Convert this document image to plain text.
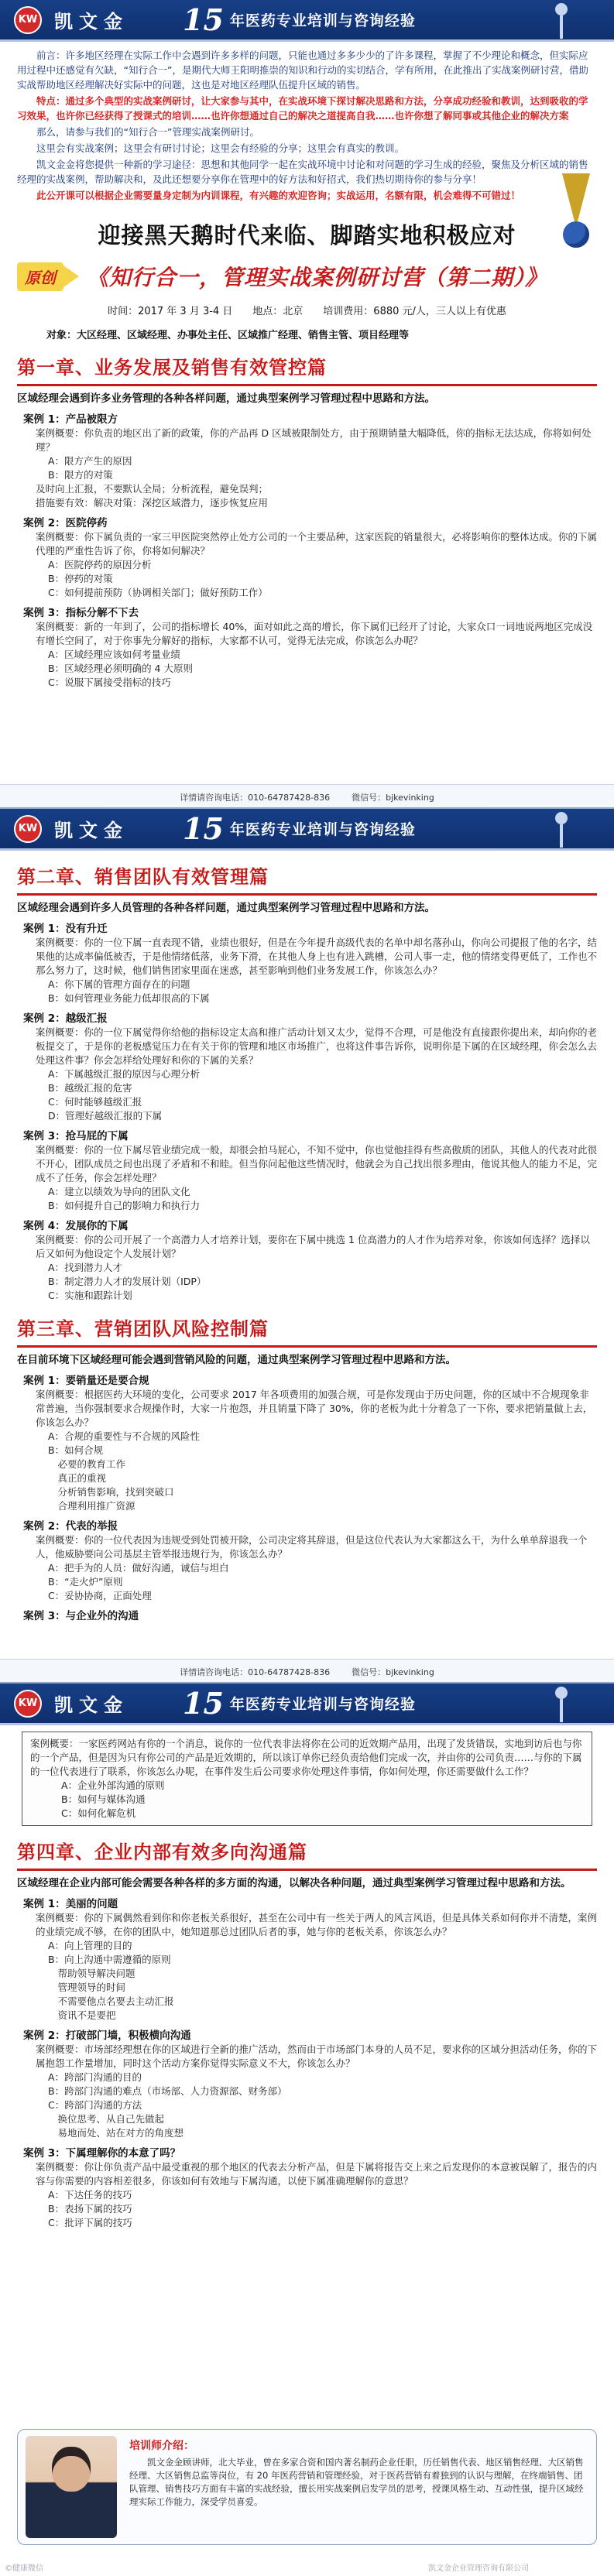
KW 凯文金 15 年医药专业培训与咨询经验

前言：许多地区经理在实际工作中会遇到许多多样的问题，只能也通过多多少少的了许多课程，掌握了不少理论和概念，但实际应用过程中还感觉有欠缺，“知行合一”，是期代大师王阳明推崇的知识和行动的实切结合，学有所用，在此推出了实战案例研讨营，借助实战帮助地区经理解决好实际中的问题，这也是对地区经理队伍提升区域的销售。

特点：通过多个典型的实战案例研讨，让大家参与其中，在实战环境下探讨解决思路和方法，分享成功经验和教训，达到吸收的学习效果，也许你已经获得了授课式的培训……也许你想通过自己的解决之道提高自我……也许你想了解同事或其他企业的解决方案

那么，请参与我们的“知行合一”管理实战案例研讨。

这里会有实战案例；这里会有研讨讨论；这里会有经验的分享；这里会有真实的教训。

凯文金金将您提供一种新的学习途径：思想和其他同学一起在实战环境中讨论和对问题的学习生成的经验，聚焦及分析区域的销售经理的实战案例，帮助解决和，及此还想要分享你在管理中的好方法和好招式，我们热切期待你的参与分享！

此公开课可以根据企业需要量身定制为内训课程，有兴趣的欢迎咨询；实战运用，名额有限，机会难得不可错过！

迎接黑天鹅时代来临、脚踏实地积极应对
原创	《知行合一，管理实战案例研讨营（第二期）》
时间：2017 年 3 月 3-4 日　　地点：北京　　培训费用：6880 元/人，三人以上有优惠
对象：大区经理、区域经理、办事处主任、区域推广经理、销售主管、项目经理等
第一章、业务发展及销售有效管控篇
区域经理会遇到许多业务管理的各种各样问题，通过典型案例学习管理过程中思路和方法。
案例 1：产品被限方
案例概要：你负责的地区出了新的政策，你的产品再 D 区域被限制处方，由于预期销量大幅降低，你的指标无法达成，你将如何处理？
A：限方产生的原因
B：限方的对策
及时向上汇报，不要默认全局；分析流程，避免误判；
措施要有效：解决对策：深挖区域潜力，逐步恢复应用
案例 2：医院停药
案例概要：你下属负责的一家三甲医院突然停止处方公司的一个主要品种，这家医院的销量很大，必将影响你的整体达成。你的下属代理的严重性告诉了你，你将如何解决？
A：医院停药的原因分析
B：停药的对策
C：如何提前预防（协调相关部门；做好预防工作）
案例 3：指标分解不下去
案例概要：新的一年到了，公司的指标增长 40%，面对如此之高的增长，你下属们已经开了讨论，大家众口一词地说两地区完成没有增长空间了，对于你事先分解好的指标，大家都不认可，觉得无法完成，你该怎么办呢？
A：区域经理应该如何考量业绩
B：区域经理必须明确的 4 大原则
C：说服下属接受指标的技巧
详情请咨询电话：010-64787428-836	微信号：bjkevinking
KW 凯文金 15 年医药专业培训与咨询经验
第二章、销售团队有效管理篇
区域经理会遇到许多人员管理的各种各样问题，通过典型案例学习管理过程中思路和方法。
案例 1：没有升迁
案例概要：你的一位下属一直表现不错，业绩也很好，但是在今年提升高级代表的名单中却名落孙山，你向公司提报了他的名字，结果他的达成率偏低被否，于是他情绪低落，业务下滑，在其他人身上也有进入跳槽，公司人事一走，他的情绪变得更低了，工作也不那么努力了，这时候，他们销售团家里面在迷惑，甚至影响到他们业务发展工作，你该怎么办？
A：你下属的管理方面存在的问题
B：如何管理业务能力低却很高的下属
案例 2：越级汇报
案例概要：你的一位下属觉得你给他的指标设定太高和推广活动计划又太少，觉得不合理，可是他没有直接跟你提出来，却向你的老板提交了，于是你的老板感觉压力在有关于你的管理和地区市场推广，也将这件事告诉你，说明你是下属的在区域经理，你会怎么去处理这件事？你会怎样给处理好和你的下属的关系？
A：下属越级汇报的原因与心理分析
B：越级汇报的危害
C：何时能够越级汇报
D：管理好越级汇报的下属
案例 3：抢马屁的下属
案例概要：你的一位下属尽管业绩完成一般，却很会拍马屁心，不知不觉中，你也觉他挂得有些高傲质的团队，其他人的代表对此很不开心，团队成员之间也出现了矛盾和不和睦。但当你问起他这些情况时，他就会为自己找出很多理由，他说其他人的能力不足，完成不了任务，你会怎样处理？
A：建立以绩效为导向的团队文化
B：如何提升自己的影响力和执行力
案例 4：发展你的下属
案例概要：你的公司开展了一个高潜力人才培养计划，要你在下属中挑选 1 位高潜力的人才作为培养对象，你该如何选择？选择以后又如何为他设定个人发展计划？
A：找到潜力人才
B：制定潜力人才的发展计划（IDP）
C：实施和跟踪计划
第三章、营销团队风险控制篇
在目前环境下区域经理可能会遇到营销风险的问题，通过典型案例学习管理过程中思路和方法。
案例 1：要销量还是要合规
案例概要：根据医药大环境的变化，公司要求 2017 年各项费用的加强合规，可是你发现由于历史问题，你的区域中不合规现象非常普遍，当你强制要求合规操作时，大家一片抱怨，并且销量下降了 30%，你的老板为此十分着急了一下你，要求把销量做上去，你该怎么办？
A：合规的重要性与不合规的风险性
B：如何合规
　必要的教育工作
　真正的重视
　分析销售影响，找到突破口
　合理利用推广资源
案例 2：代表的举报
案例概要：你的一位代表因为违规受到处罚被开除，公司决定将其辞退，但是这位代表认为大家都这么干，为什么单单辞退我一个人，他威胁要向公司基层主管举报违规行为，你该怎么办？
A：把手为的人员：做好沟通，诚信与坦白
B：“走火炉”原则
C：妥协协商，正面处理
案例 3：与企业外的沟通
详情请咨询电话：010-64787428-836	微信号：bjkevinking
KW 凯文金 15 年医药专业培训与咨询经验
案例概要：一家医药网站有你的一个消息，说你的一位代表非法将你在公司的近效期产品用，出现了发货错误，实地到访后也与你的一个产品，但是因为只有你公司的产品是近效期的，所以该订单你已经负责给他们完成一次，并由你的公司负责……与你的下属的一位代表进行了联系，你该怎么办呢，在事件发生后公司要求你处理这件事情，你如何处理，你还需要做什么工作？
A：企业外部沟通的原则
B：如何与媒体沟通
C：如何化解危机
第四章、企业内部有效多向沟通篇
区域经理在企业内部可能会需要各种各样的多方面的沟通，以解决各种问题，通过典型案例学习管理过程中思路和方法。
案例 1：美丽的问题
案例概要：你的下属偶然看到你和你老板关系很好，甚至在公司中有一些关于两人的风言风语，但是具体关系如何你并不清楚，案例的业绩完成不够，在你的团队中，她知道那总过团队后者的事，她与你的老板关系，你该怎么办？
A：向上管理的目的
B：向上沟通中需遵循的原则
　帮助领导解决问题
　管理领导的时间
　不需要他点名要去主动汇报
　资讯不是要把
案例 2：打破部门墙，积极横向沟通
案例概要：市场部经理想在你的区域进行全新的推广活动，然而由于市场部门本身的人员不足，要求你的区域分担活动任务，你的下属抱怨工作量增加，同时这个活动方案你觉得实际意义不大，你该怎么办？
A：跨部门沟通的目的
B：跨部门沟通的难点（市场部、人力资源部、财务部）
C：跨部门沟通的方法
　换位思考、从自己先做起
　易地而处、站在对方的角度想
案例 3：下属理解你的本意了吗？
案例概要：你让你负责产品中最受重视的那个地区的代表去分析产品，但是下属将报告交上来之后发现你的本意被误解了，报告的内容与你需要的内容相差很多，你该如何有效地与下属沟通，以使下属准确理解你的意思？
A：下达任务的技巧
B：表扬下属的技巧
C：批评下属的技巧
培训师介绍：
凯文金金顾讲师，北大毕业，曾在多家合资和国内著名制药企业任职，历任销售代表、地区销售经理、大区销售经理、大区销售总监等岗位，有 20 年医药营销和管理经验，对于医药营销有着独到的认识与理解，在终端销售、团队管理、销售技巧方面有丰富的实战经验，擅长用实战案例启发学员的思考，授课风格生动、互动性强，提升区域经理实际工作能力，深受学员喜爱。
©健康微信	凯文金企业管理咨询有限公司
